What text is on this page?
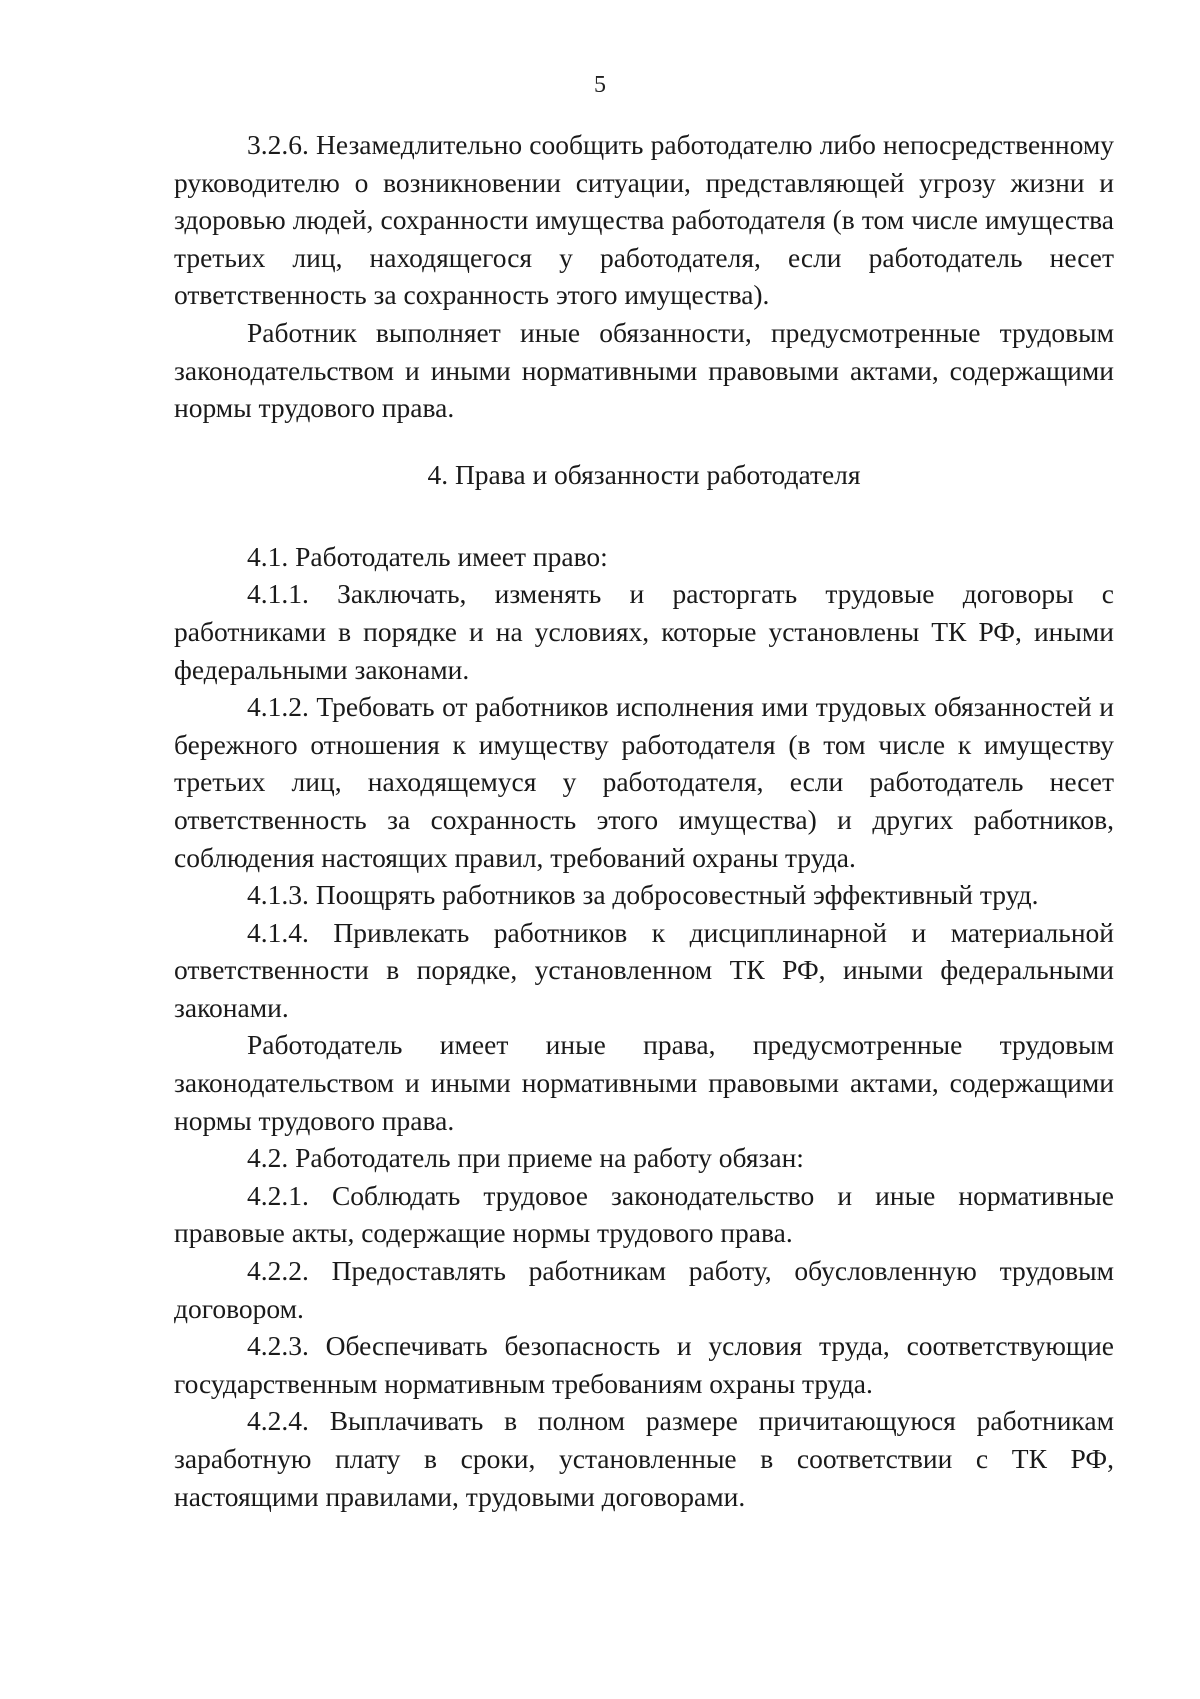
5

3.2.6. Незамедлительно сообщить работодателю либо непосредственному руководителю о возникновении ситуации, представляющей угрозу жизни и здоровью людей, сохранности имущества работодателя (в том числе имущества третьих лиц, находящегося у работодателя, если работодатель несет ответственность за сохранность этого имущества).

Работник выполняет иные обязанности, предусмотренные трудовым законодательством и иными нормативными правовыми актами, содержащими нормы трудового права.

4. Права и обязанности работодателя

4.1. Работодатель имеет право:

4.1.1. Заключать, изменять и расторгать трудовые договоры с работниками в порядке и на условиях, которые установлены ТК РФ, иными федеральными законами.

4.1.2. Требовать от работников исполнения ими трудовых обязанностей и бережного отношения к имуществу работодателя (в том числе к имуществу третьих лиц, находящемуся у работодателя, если работодатель несет ответственность за сохранность этого имущества) и других работников, соблюдения настоящих правил, требований охраны труда.

4.1.3. Поощрять работников за добросовестный эффективный труд.

4.1.4. Привлекать работников к дисциплинарной и материальной ответственности в порядке, установленном ТК РФ, иными федеральными законами.

Работодатель имеет иные права, предусмотренные трудовым законодательством и иными нормативными правовыми актами, содержащими нормы трудового права.

4.2. Работодатель при приеме на работу обязан:

4.2.1. Соблюдать трудовое законодательство и иные нормативные правовые акты, содержащие нормы трудового права.

4.2.2. Предоставлять работникам работу, обусловленную трудовым договором.

4.2.3. Обеспечивать безопасность и условия труда, соответствующие государственным нормативным требованиям охраны труда.

4.2.4. Выплачивать в полном размере причитающуюся работникам заработную плату в сроки, установленные в соответствии с ТК РФ, настоящими правилами, трудовыми договорами.
